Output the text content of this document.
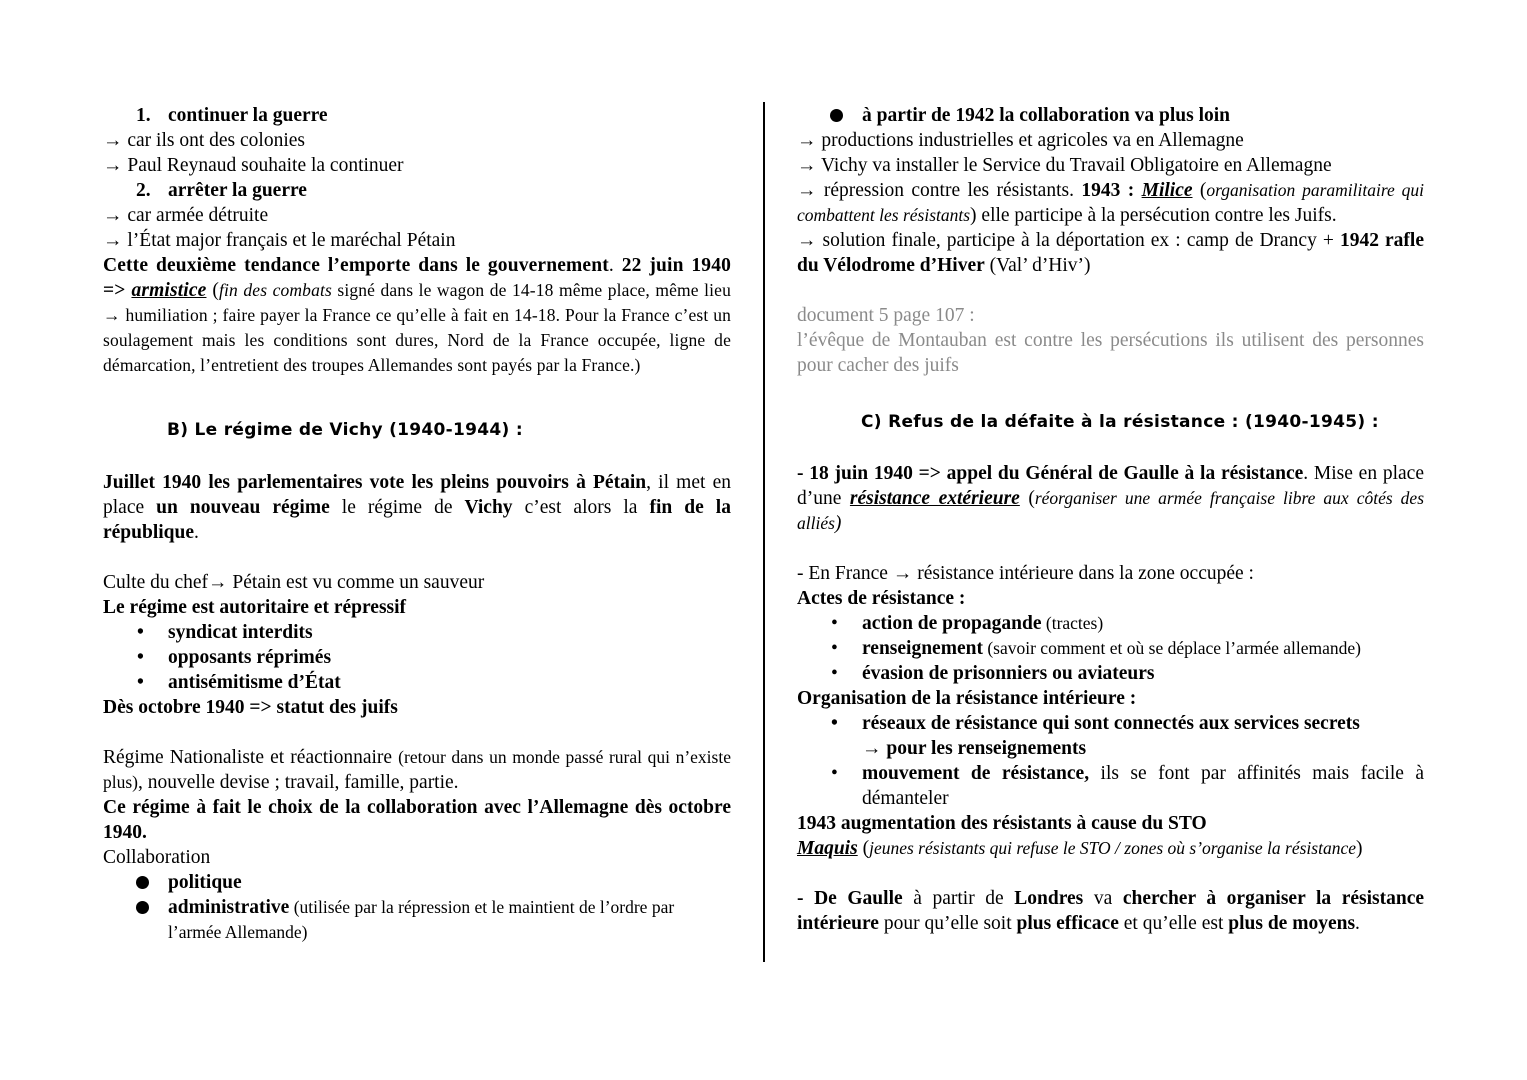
1. continuer la guerre

→ car ils ont des colonies

→ Paul Reynaud souhaite la continuer

2. arrêter la guerre

→ car armée détruite

→ l’État major français et le maréchal Pétain

Cette deuxième tendance l’emporte dans le gouvernement. 22 juin 1940 => armistice (fin des combats signé dans le wagon de 14-18 même place, même lieu → humiliation ; faire payer la France ce qu’elle à fait en 14-18. Pour la France c’est un soulagement mais les conditions sont dures, Nord de la France occupée, ligne de démarcation, l’entretient des troupes Allemandes sont payés par la France.)

B) Le régime de Vichy (1940-1944) :

Juillet 1940 les parlementaires vote les pleins pouvoirs à Pétain, il met en place un nouveau régime le régime de Vichy c’est alors la fin de la république.

Culte du chef→ Pétain est vu comme un sauveur

Le régime est autoritaire et répressif

• syndicat interdits

• opposants réprimés

• antisémitisme d’État

Dès octobre 1940 => statut des juifs

Régime Nationaliste et réactionnaire (retour dans un monde passé rural qui n’existe plus), nouvelle devise ; travail, famille, partie.

Ce régime à fait le choix de la collaboration avec l’Allemagne dès octobre 1940.

Collaboration

politique

administrative (utilisée par la répression et le maintient de l’ordre par l’armée Allemande)

à partir de 1942 la collaboration va plus loin

→ productions industrielles et agricoles va en Allemagne

→ Vichy va installer le Service du Travail Obligatoire en Allemagne

→ répression contre les résistants. 1943 : Milice (organisation paramilitaire qui combattent les résistants) elle participe à la persécution contre les Juifs.

→ solution finale, participe à la déportation ex : camp de Drancy + 1942 rafle du Vélodrome d’Hiver (Val’ d’Hiv’)

document 5 page 107 :

l’évêque de Montauban est contre les persécutions ils utilisent des personnes pour cacher des juifs

C) Refus de la défaite à la résistance : (1940-1945) :

- 18 juin 1940 => appel du Général de Gaulle à la résistance. Mise en place d’une résistance extérieure (réorganiser une armée française libre aux côtés des alliés)

- En France → résistance intérieure dans la zone occupée :

Actes de résistance :

• action de propagande (tractes)

• renseignement (savoir comment et où se déplace l’armée allemande)

• évasion de prisonniers ou aviateurs

Organisation de la résistance intérieure :

• réseaux de résistance qui sont connectés aux services secrets

→ pour les renseignements

• mouvement de résistance, ils se font par affinités mais facile à démanteler

1943 augmentation des résistants à cause du STO

Maquis (jeunes résistants qui refuse le STO / zones où s’organise la résistance)

- De Gaulle à partir de Londres va chercher à organiser la résistance intérieure pour qu’elle soit plus efficace et qu’elle est plus de moyens.
